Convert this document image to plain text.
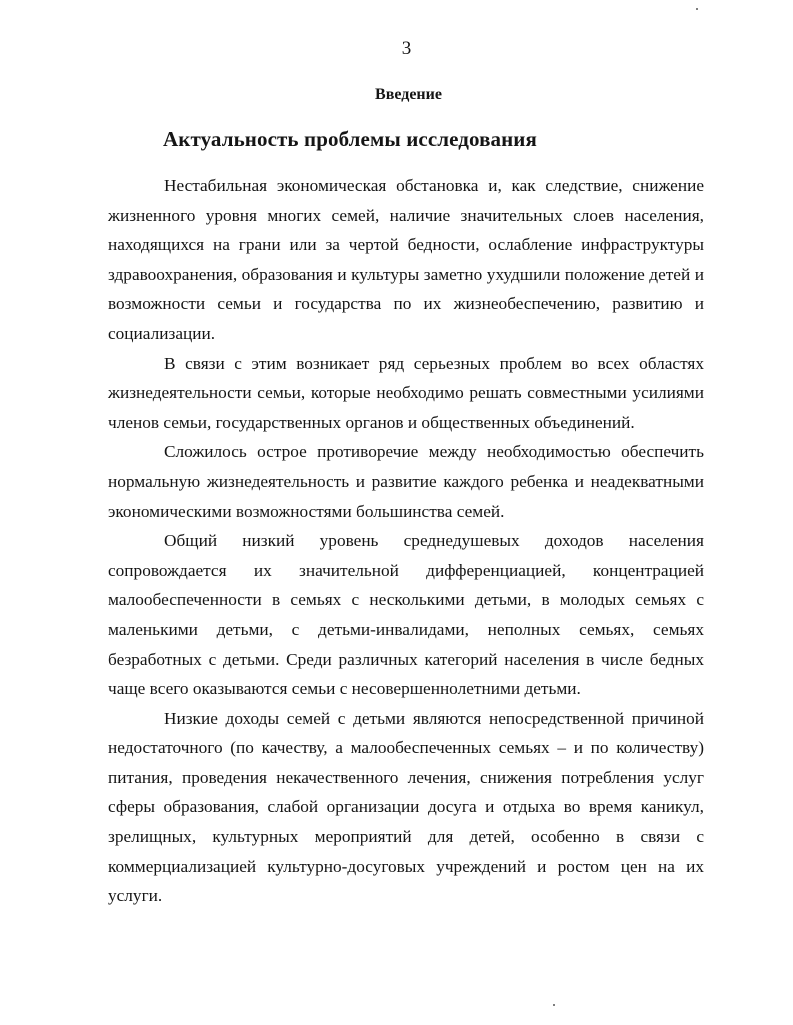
3
Введение
Актуальность проблемы исследования

Нестабильная экономическая обстановка и, как следствие, снижение жизненного уровня многих семей, наличие значительных слоев населения, находящихся на грани или за чертой бедности, ослабление инфраструктуры здравоохранения, образования и культуры заметно ухудшили положение детей и возможности семьи и государства по их жизнеобеспечению, развитию и социализации.

В связи с этим возникает ряд серьезных проблем во всех областях жизнедеятельности семьи, которые необходимо решать совместными усилиями членов семьи, государственных органов и общественных объединений.

Сложилось острое противоречие между необходимостью обеспечить нормальную жизнедеятельность и развитие каждого ребенка и неадекватными экономическими возможностями большинства семей.

Общий низкий уровень среднедушевых доходов населения сопровождается их значительной дифференциацией, концентрацией малообеспеченности в семьях с несколькими детьми, в молодых семьях с маленькими детьми, с детьми-инвалидами, неполных семьях, семьях безработных с детьми. Среди различных категорий населения в числе бедных чаще всего оказываются семьи с несовершеннолетними детьми.

Низкие доходы семей с детьми являются непосредственной причиной недостаточного (по качеству, а малообеспеченных семьях – и по количеству) питания, проведения некачественного лечения, снижения потребления услуг сферы образования, слабой организации досуга и отдыха во время каникул, зрелищных, культурных мероприятий для детей, особенно в связи с коммерциализацией культурно-досуговых учреждений и ростом цен на их услуги.
